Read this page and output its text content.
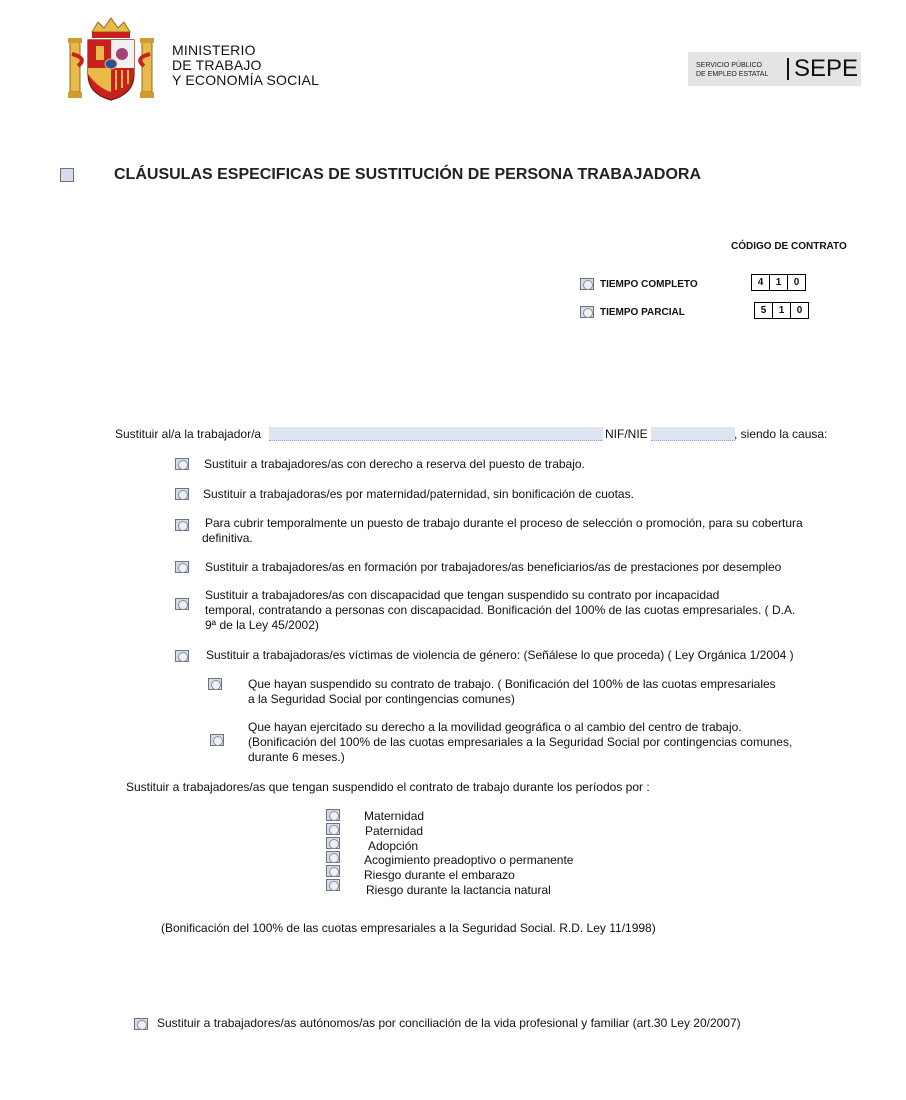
MINISTERIO
DE TRABAJO
Y ECONOMÍA SOCIAL
SERVICIO PÚBLICO
DE EMPLEO ESTATAL SEPE
CLÁUSULAS ESPECIFICAS DE SUSTITUCIÓN DE PERSONA TRABAJADORA
CÓDIGO DE CONTRATO
TIEMPO COMPLETO	4	1	0
TIEMPO PARCIAL	5	1	0
Sustituir al/a la trabajador/a	NIF/NIE	, siendo la causa:
Sustituir a trabajadores/as con derecho a reserva del puesto de trabajo.
Sustituir a trabajadoras/es por maternidad/paternidad, sin bonificación de cuotas.
Para cubrir temporalmente un puesto de trabajo durante el proceso de selección o promoción, para su cobertura
definitiva.
Sustituir a trabajadores/as en formación por trabajadores/as beneficiarios/as de prestaciones por desempleo
Sustituir a trabajadores/as con discapacidad que tengan suspendido su contrato por incapacidad
temporal, contratando a personas con discapacidad. Bonificación del 100% de las cuotas empresariales. ( D.A.
9ª de la Ley 45/2002)
Sustituir a trabajadoras/es víctimas de violencia de género: (Señálese lo que proceda) ( Ley Orgánica 1/2004 )
Que hayan suspendido su contrato de trabajo. ( Bonificación del 100% de las cuotas empresariales
a la Seguridad Social por contingencias comunes)
Que hayan ejercitado su derecho a la movilidad geográfica o al cambio del centro de trabajo.
(Bonificación del 100% de las cuotas empresariales a la Seguridad Social por contingencias comunes,
durante 6 meses.)
Sustituir a trabajadores/as que tengan suspendido el contrato de trabajo durante los períodos por :
Maternidad
Paternidad
Adopción
Acogimiento preadoptivo o permanente
Riesgo durante el embarazo
Riesgo durante la lactancia natural
(Bonificación del 100% de las cuotas empresariales a la Seguridad Social. R.D. Ley 11/1998)
Sustituir a trabajadores/as autónomos/as por conciliación de la vida profesional y familiar (art.30 Ley 20/2007)
